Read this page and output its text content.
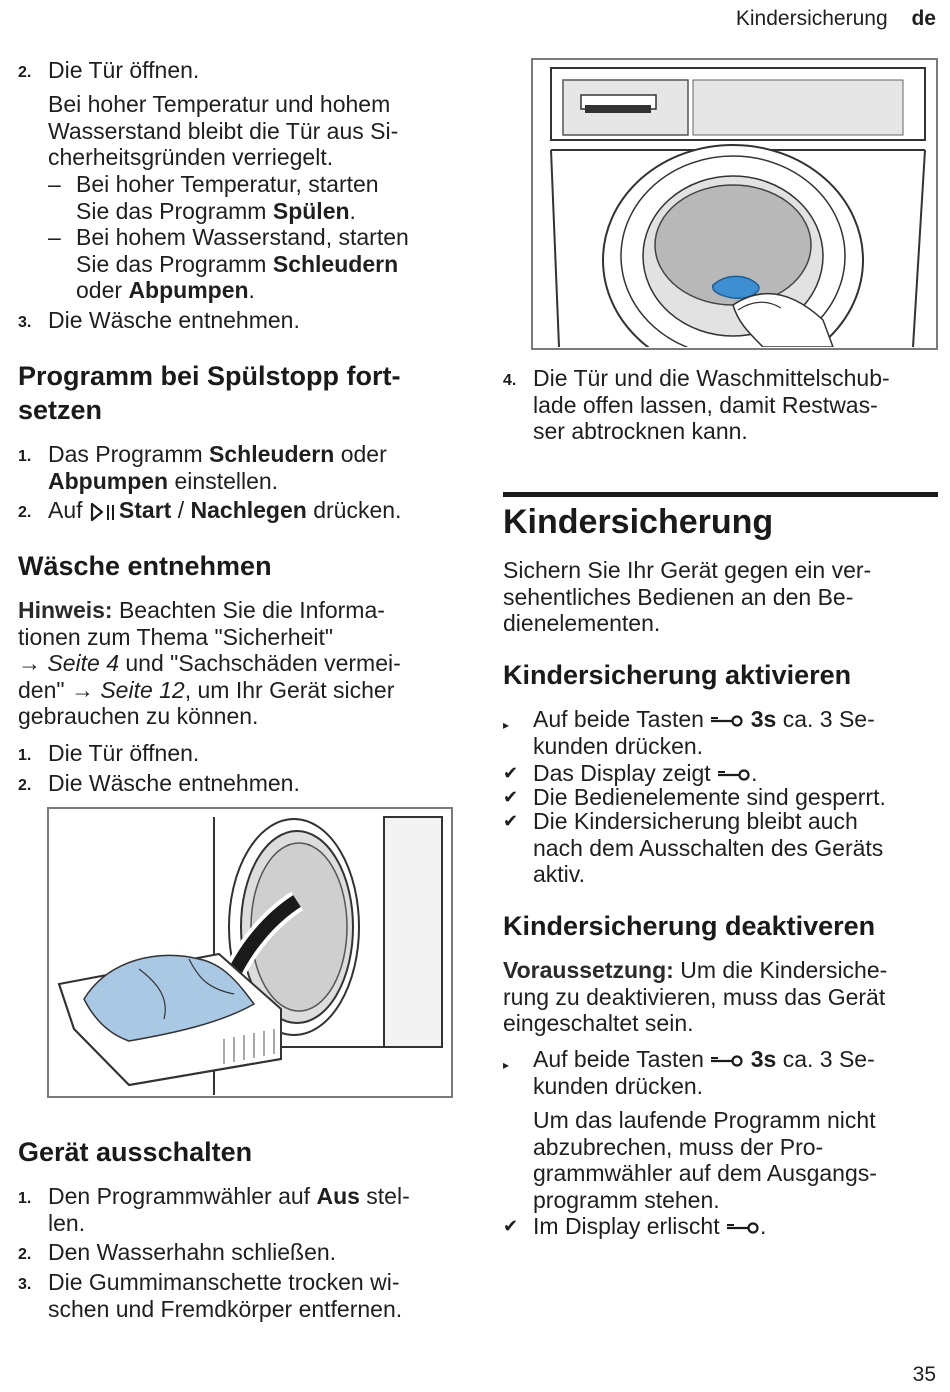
Kindersicherung de
2. Die Tür öffnen.
Bei hoher Temperatur und hohem
Wasserstand bleibt die Tür aus Si-
cherheitsgründen verriegelt.
– Bei hoher Temperatur, starten
Sie das Programm Spülen.
– Bei hohem Wasserstand, starten
Sie das Programm Schleudern
oder Abpumpen.
3. Die Wäsche entnehmen.
Programm bei Spülstopp fort-
setzen
1. Das Programm Schleudern oder
Abpumpen einstellen.
2. Auf Start / Nachlegen drücken.
Wäsche entnehmen
Hinweis: Beachten Sie die Informa-
tionen zum Thema "Sicherheit"
→ Seite 4 und "Sachschäden vermei-
den" → Seite 12, um Ihr Gerät sicher
gebrauchen zu können.
1. Die Tür öffnen.
2. Die Wäsche entnehmen.
Gerät ausschalten
1. Den Programmwähler auf Aus stel-
len.
2. Den Wasserhahn schließen.
3. Die Gummimanschette trocken wi-
schen und Fremdkörper entfernen.
4. Die Tür und die Waschmittelschub-
lade offen lassen, damit Restwas-
ser abtrocknen kann.
Kindersicherung
Sichern Sie Ihr Gerät gegen ein ver-
sehentliches Bedienen an den Be-
dienelementen.
Kindersicherung aktivieren
▸	Auf beide Tasten  3s ca. 3 Se-
kunden drücken.
✔ Das Display zeigt .
✔ Die Bedienelemente sind gesperrt.
✔ Die Kindersicherung bleibt auch
nach dem Ausschalten des Geräts
aktiv.
Kindersicherung deaktiveren
Voraussetzung: Um die Kindersiche-
rung zu deaktivieren, muss das Gerät
eingeschaltet sein.
▸	Auf beide Tasten  3s ca. 3 Se-
kunden drücken.
Um das laufende Programm nicht
abzubrechen, muss der Pro-
grammwähler auf dem Ausgangs-
programm stehen.
✔ Im Display erlischt .
35
